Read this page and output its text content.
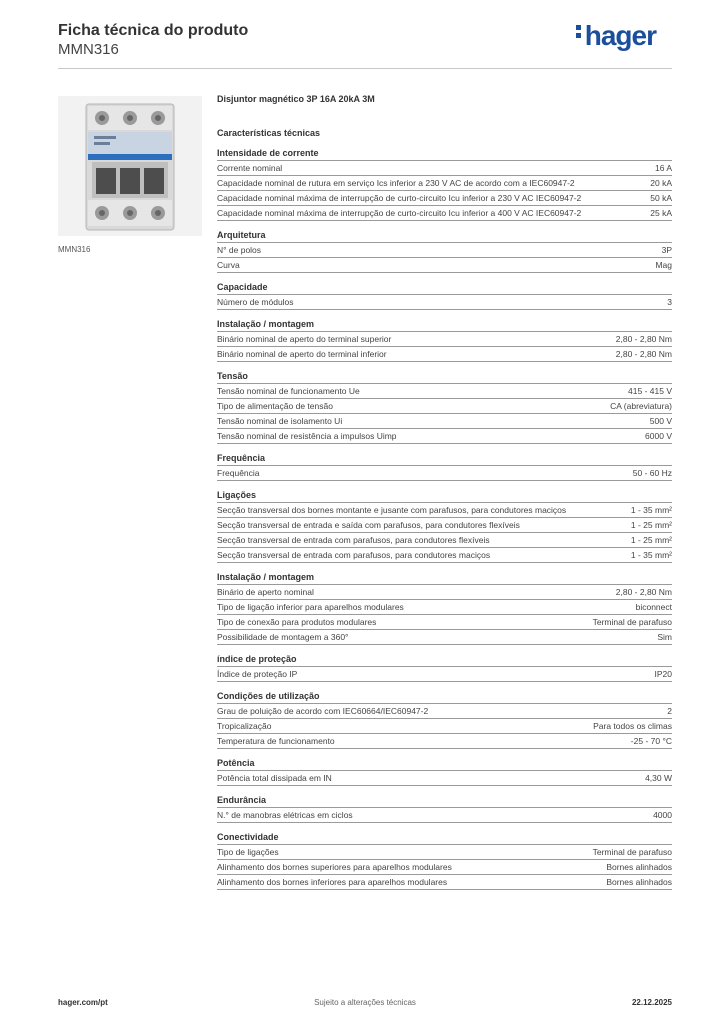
Ficha técnica do produto
MMN316	hager
MMN316
Disjuntor magnético 3P 16A 20kA 3M
Características técnicas
Intensidade de corrente
Corrente nominal	16 A
Capacidade nominal de rutura em serviço Ics inferior a 230 V AC de acordo com a IEC60947-2	20 kA
Capacidade nominal máxima de interrupção de curto-circuito Icu inferior a 230 V AC IEC60947-2	50 kA
Capacidade nominal máxima de interrupção de curto-circuito Icu inferior a 400 V AC IEC60947-2	25 kA
Arquitetura
N° de polos	3P
Curva	Mag
Capacidade
Número de módulos	3
Instalação / montagem
Binário nominal de aperto do terminal superior	2,80 - 2,80 Nm
Binário nominal de aperto do terminal inferior	2,80 - 2,80 Nm
Tensão
Tensão nominal de funcionamento Ue	415 - 415 V
Tipo de alimentação de tensão	CA (abreviatura)
Tensão nominal de isolamento Ui	500 V
Tensão nominal de resistência a impulsos Uimp	6000 V
Frequência
Frequência	50 - 60 Hz
Ligações
Secção transversal dos bornes montante e jusante com parafusos, para condutores maciços	1 - 35 mm²
Secção transversal de entrada e saída com parafusos, para condutores flexíveis	1 - 25 mm²
Secção transversal de entrada com parafusos, para condutores flexíveis	1 - 25 mm²
Secção transversal de entrada com parafusos, para condutores maciços	1 - 35 mm²
Instalação / montagem
Binário de aperto nominal	2,80 - 2,80 Nm
Tipo de ligação inferior para aparelhos modulares	biconnect
Tipo de conexão para produtos modulares	Terminal de parafuso
Possibilidade de montagem a 360°	Sim
índice de proteção
Índice de proteção IP	IP20
Condições de utilização
Grau de poluição de acordo com IEC60664/IEC60947-2	2
Tropicalização	Para todos os climas
Temperatura de funcionamento	-25 - 70 °C
Potência
Potência total dissipada em IN	4,30 W
Endurância
N.° de manobras elétricas em ciclos	4000
Conectividade
Tipo de ligações	Terminal de parafuso
Alinhamento dos bornes superiores para aparelhos modulares	Bornes alinhados
Alinhamento dos bornes inferiores para aparelhos modulares	Bornes alinhados
Sujeito a alterações técnicas
hager.com/pt	22.12.2025
